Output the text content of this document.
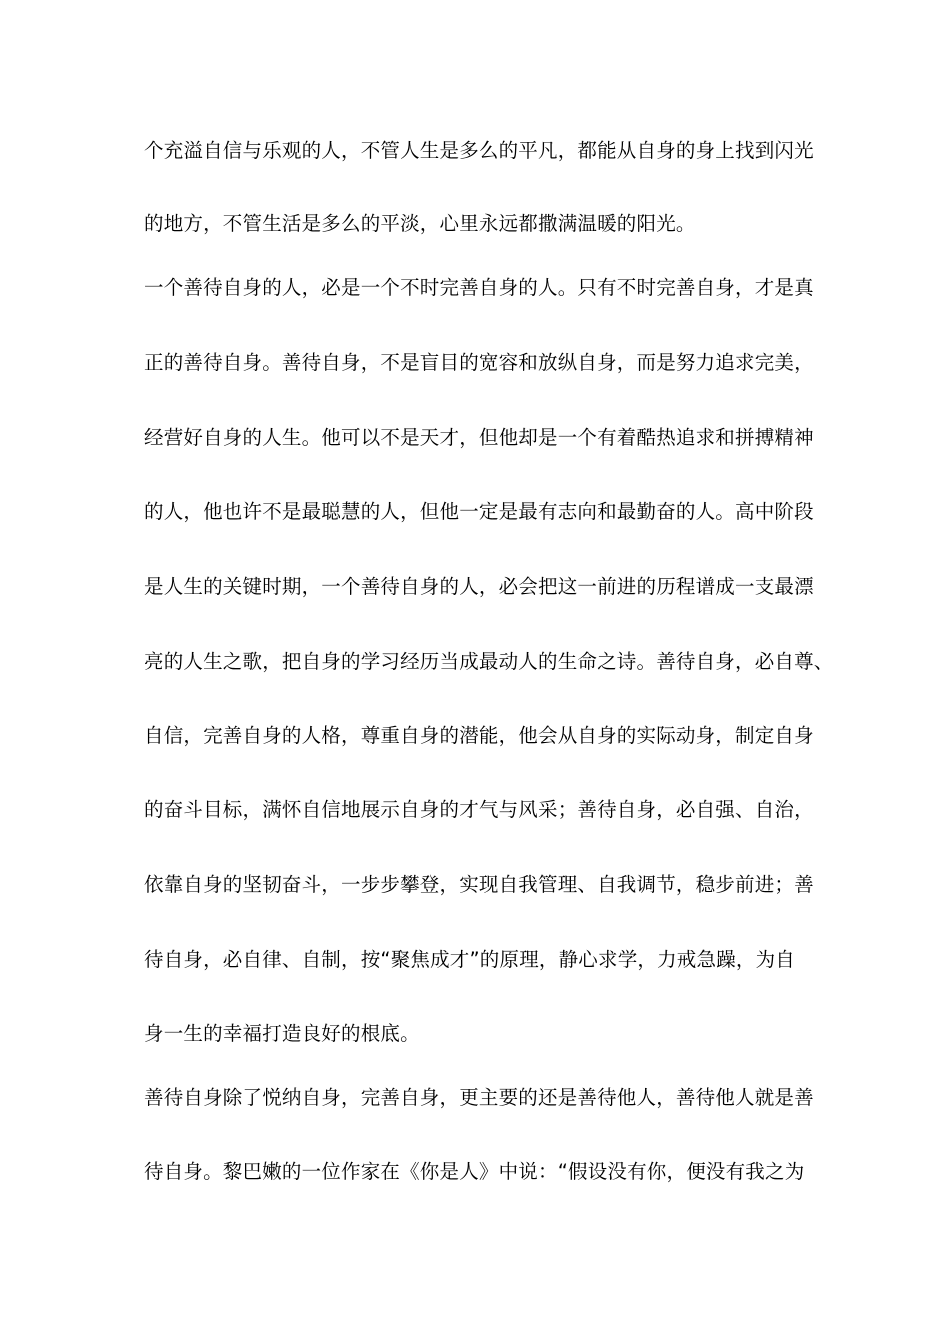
个充溢自信与乐观的人，不管人生是多么的平凡，都能从自身的身上找到闪光
的地方，不管生活是多么的平淡，心里永远都撒满温暖的阳光。
一个善待自身的人，必是一个不时完善自身的人。只有不时完善自身，才是真
正的善待自身。善待自身，不是盲目的宽容和放纵自身，而是努力追求完美，
经营好自身的人生。他可以不是天才，但他却是一个有着酷热追求和拼搏精神
的人，他也许不是最聪慧的人，但他一定是最有志向和最勤奋的人。高中阶段
是人生的关键时期，一个善待自身的人，必会把这一前进的历程谱成一支最漂
亮的人生之歌，把自身的学习经历当成最动人的生命之诗。善待自身，必自尊、
自信，完善自身的人格，尊重自身的潜能，他会从自身的实际动身，制定自身
的奋斗目标，满怀自信地展示自身的才气与风采；善待自身，必自强、自治，
依靠自身的坚韧奋斗，一步步攀登，实现自我管理、自我调节，稳步前进；善
待自身，必自律、自制，按“聚焦成才”的原理，静心求学，力戒急躁，为自
身一生的幸福打造良好的根底。
善待自身除了悦纳自身，完善自身，更主要的还是善待他人，善待他人就是善
待自身。黎巴嫩的一位作家在《你是人》中说：“假设没有你，便没有我之为
